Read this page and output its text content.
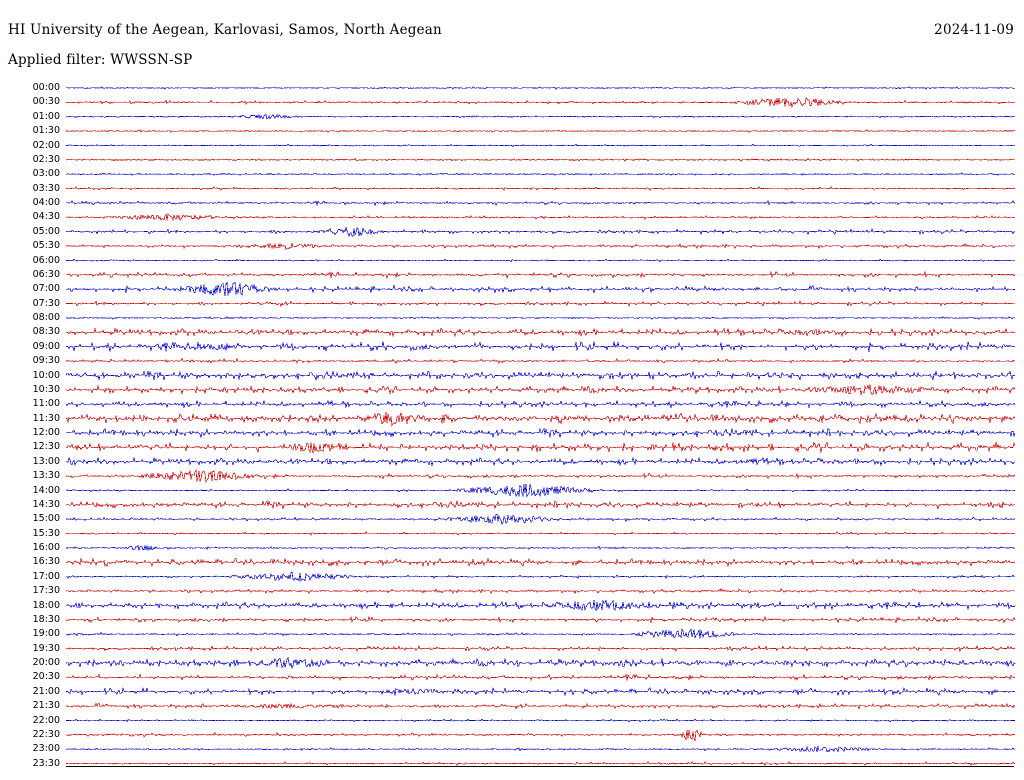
HI University of the Aegean, Karlovasi, Samos, North Aegean	2024-11-09
Applied filter: WWSSN-SP
00:00
00:30
01:00
01:30
02:00
02:30
03:00
03:30
04:00
04:30
05:00
05:30
06:00
06:30
07:00
07:30
08:00
08:30
09:00
09:30
10:00
10:30
11:00
11:30
12:00
12:30
13:00
13:30
14:00
14:30
15:00
15:30
16:00
16:30
17:00
17:30
18:00
18:30
19:00
19:30
20:00
20:30
21:00
21:30
22:00
22:30
23:00
23:30
